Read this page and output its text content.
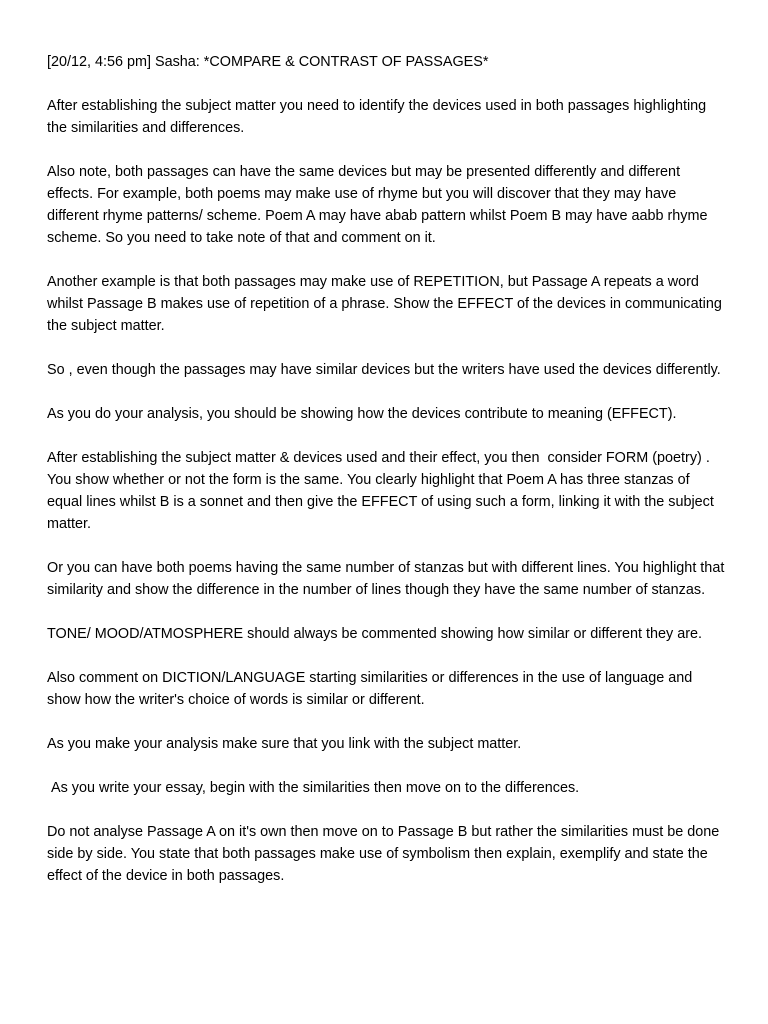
[20/12, 4:56 pm] Sasha: *COMPARE & CONTRAST OF PASSAGES*

After establishing the subject matter you need to identify the devices used in both passages highlighting the similarities and differences.

Also note, both passages can have the same devices but may be presented differently and different effects. For example, both poems may make use of rhyme but you will discover that they may have different rhyme patterns/ scheme. Poem A may have abab pattern whilst Poem B may have aabb rhyme scheme. So you need to take note of that and comment on it.

Another example is that both passages may make use of REPETITION, but Passage A repeats a word whilst Passage B makes use of repetition of a phrase. Show the EFFECT of the devices in communicating the subject matter.

So , even though the passages may have similar devices but the writers have used the devices differently.

As you do your analysis, you should be showing how the devices contribute to meaning (EFFECT).

After establishing the subject matter & devices used and their effect, you then  consider FORM (poetry) . You show whether or not the form is the same. You clearly highlight that Poem A has three stanzas of equal lines whilst B is a sonnet and then give the EFFECT of using such a form, linking it with the subject matter.

Or you can have both poems having the same number of stanzas but with different lines. You highlight that similarity and show the difference in the number of lines though they have the same number of stanzas.

TONE/ MOOD/ATMOSPHERE should always be commented showing how similar or different they are.

Also comment on DICTION/LANGUAGE starting similarities or differences in the use of language and show how the writer's choice of words is similar or different.

As you make your analysis make sure that you link with the subject matter.

As you write your essay, begin with the similarities then move on to the differences.

Do not analyse Passage A on it's own then move on to Passage B but rather the similarities must be done side by side. You state that both passages make use of symbolism then explain, exemplify and state the effect of the device in both passages.
